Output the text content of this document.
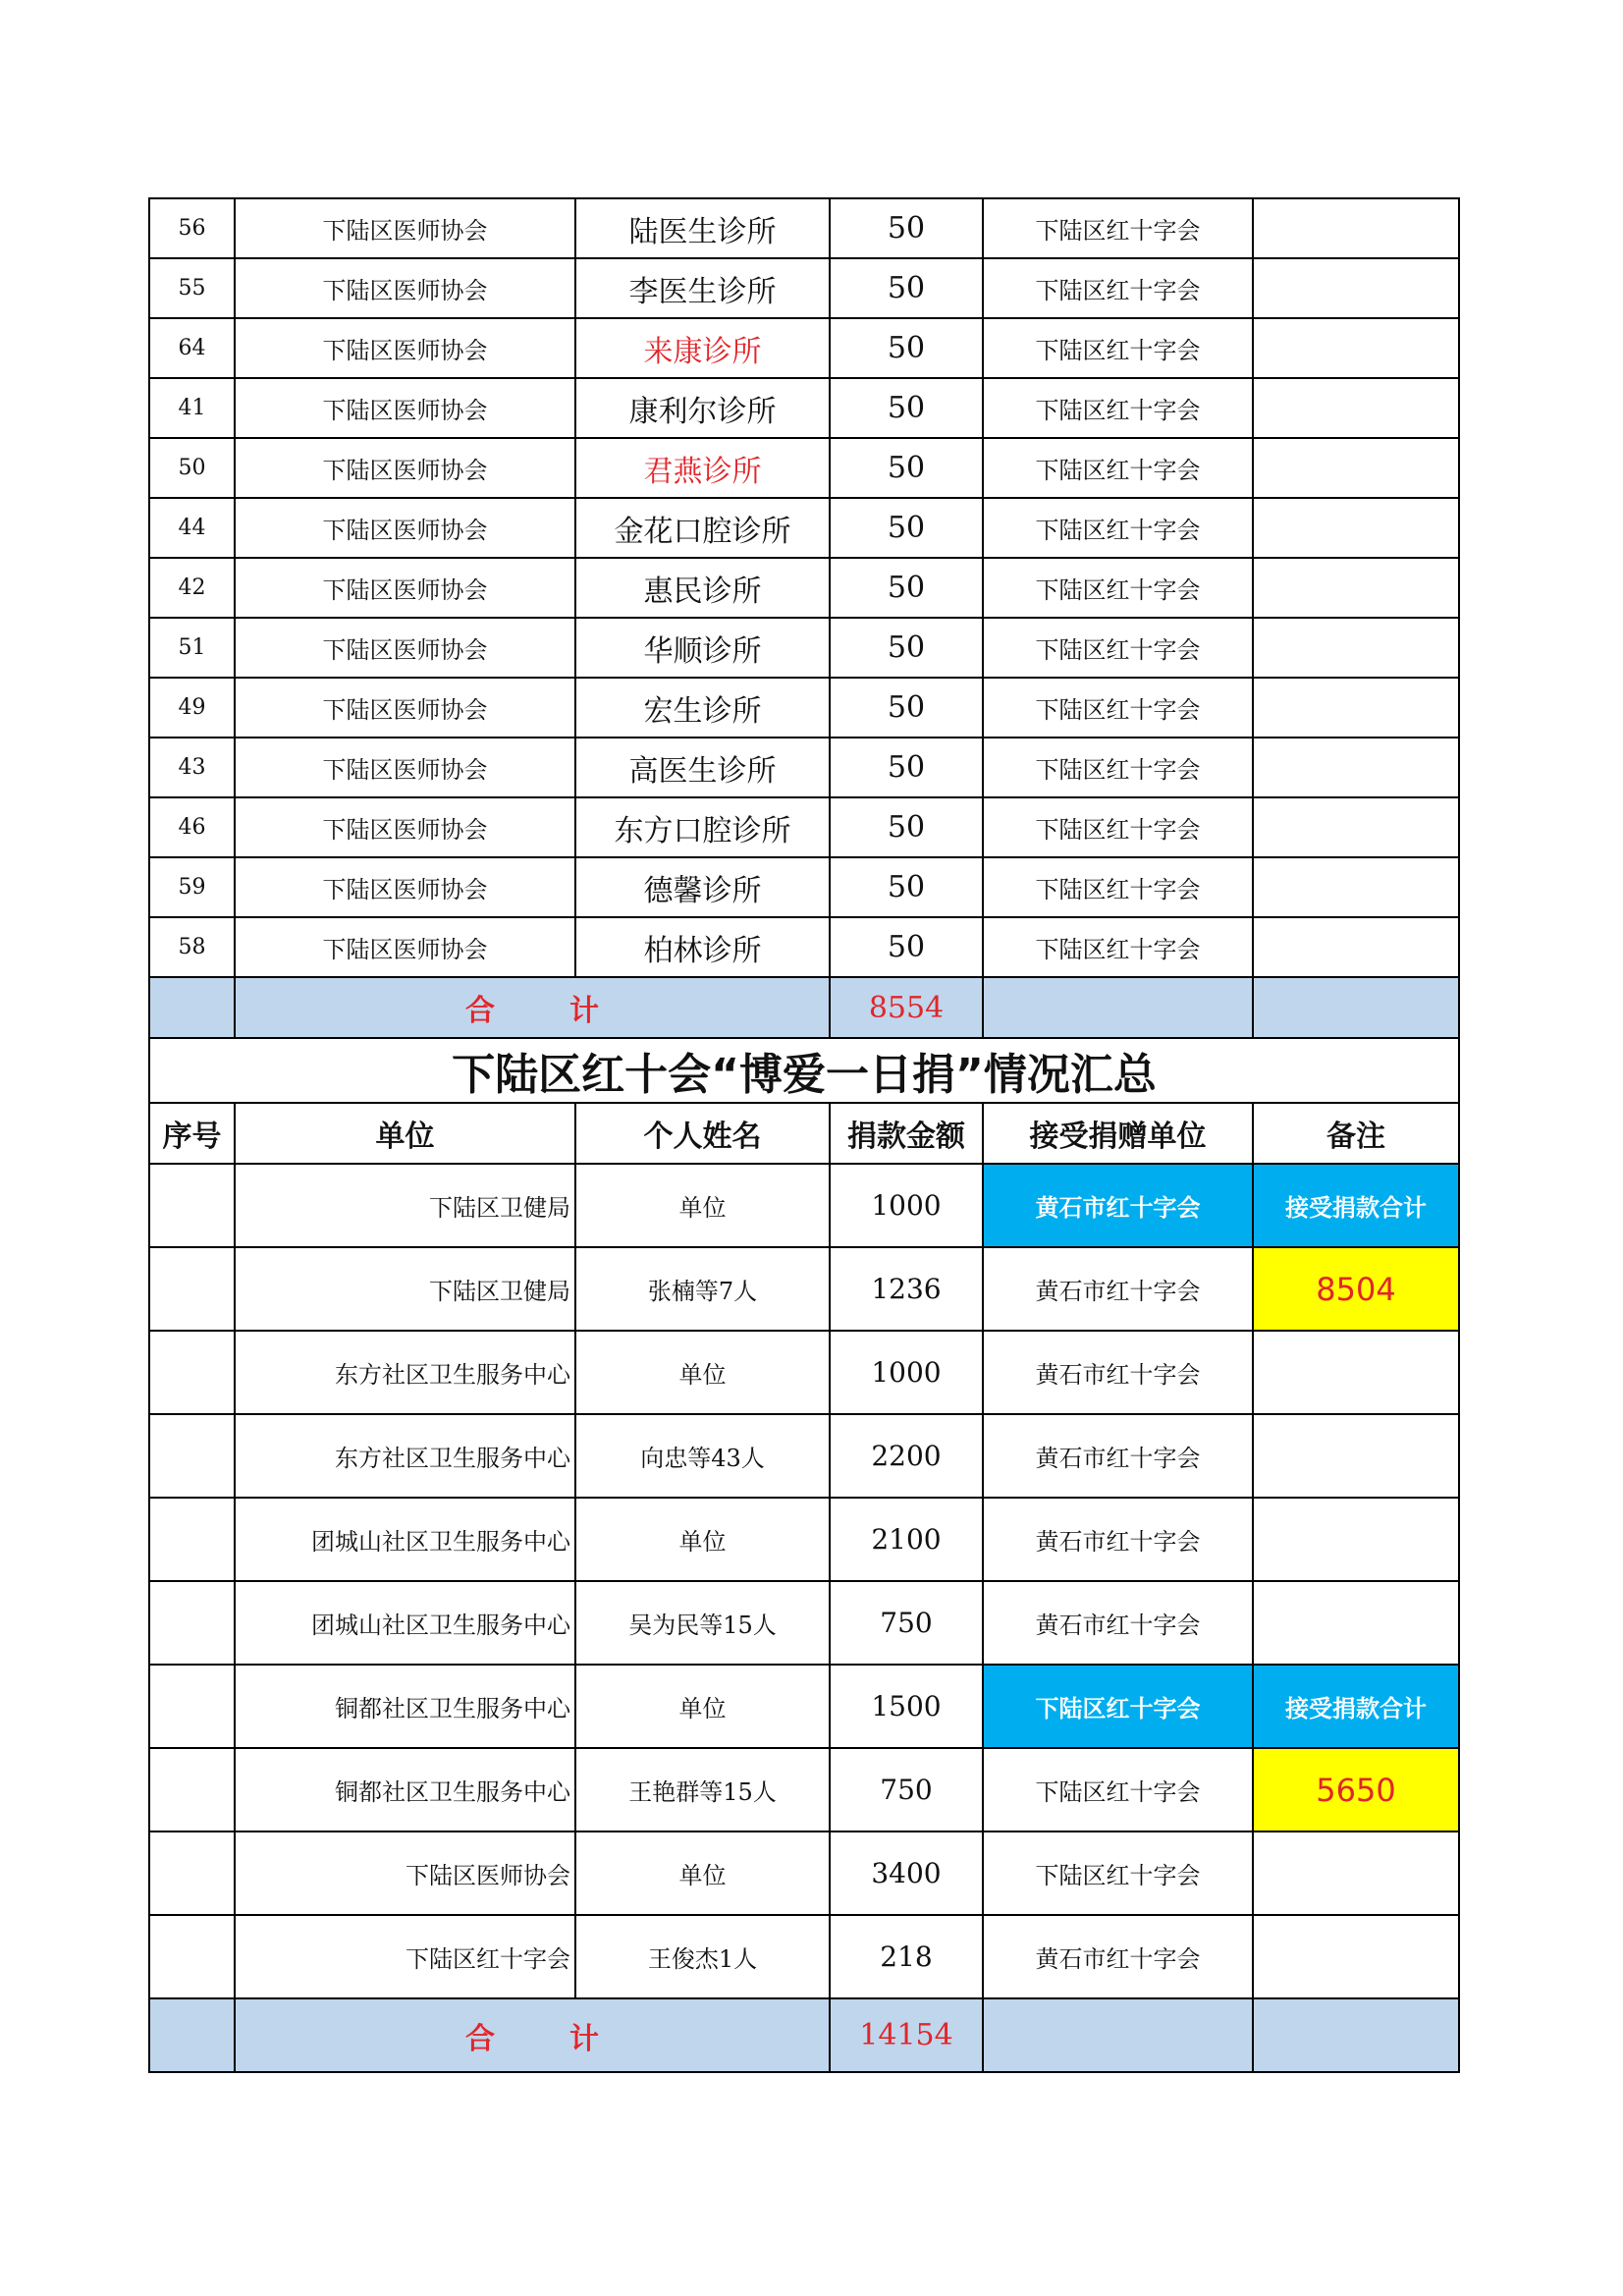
56	下陆区医师协会	陆医生诊所	50	下陆区红十字会	
55	下陆区医师协会	李医生诊所	50	下陆区红十字会	
64	下陆区医师协会	来康诊所	50	下陆区红十字会	
41	下陆区医师协会	康利尔诊所	50	下陆区红十字会	
50	下陆区医师协会	君燕诊所	50	下陆区红十字会	
44	下陆区医师协会	金花口腔诊所	50	下陆区红十字会	
42	下陆区医师协会	惠民诊所	50	下陆区红十字会	
51	下陆区医师协会	华顺诊所	50	下陆区红十字会	
49	下陆区医师协会	宏生诊所	50	下陆区红十字会	
43	下陆区医师协会	高医生诊所	50	下陆区红十字会	
46	下陆区医师协会	东方口腔诊所	50	下陆区红十字会	
59	下陆区医师协会	德馨诊所	50	下陆区红十字会	
58	下陆区医师协会	柏林诊所	50	下陆区红十字会	
	合 计		8554		
下陆区红十会“博爱一日捐”情况汇总					
序号	单位	个人姓名	捐款金额	接受捐赠单位	备注
	下陆区卫健局	单位	1000	黄石市红十字会	接受捐款合计
	下陆区卫健局	张楠等7人	1236	黄石市红十字会	8504
	东方社区卫生服务中心	单位	1000	黄石市红十字会	
	东方社区卫生服务中心	向忠等43人	2200	黄石市红十字会	
	团城山社区卫生服务中心	单位	2100	黄石市红十字会	
	团城山社区卫生服务中心	吴为民等15人	750	黄石市红十字会	
	铜都社区卫生服务中心	单位	1500	下陆区红十字会	接受捐款合计
	铜都社区卫生服务中心	王艳群等15人	750	下陆区红十字会	5650
	下陆区医师协会	单位	3400	下陆区红十字会	
	下陆区红十字会	王俊杰1人	218	黄石市红十字会	
	合 计		14154		
